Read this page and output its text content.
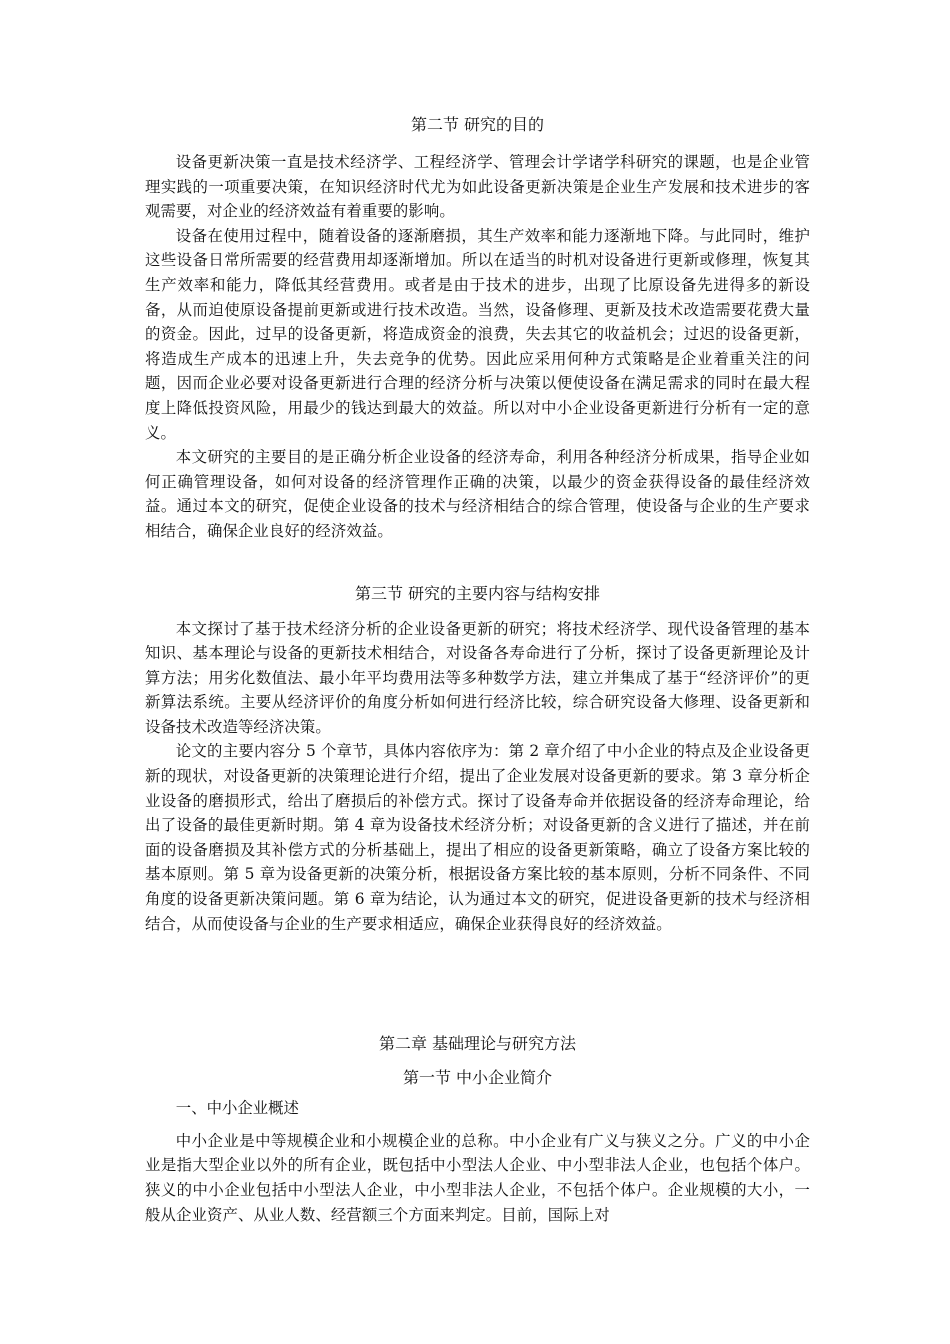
第二节 研究的目的

设备更新决策一直是技术经济学、工程经济学、管理会计学诸学科研究的课题，也是企业管理实践的一项重要决策，在知识经济时代尤为如此设备更新决策是企业生产发展和技术进步的客观需要，对企业的经济效益有着重要的影响。

设备在使用过程中，随着设备的逐渐磨损，其生产效率和能力逐渐地下降。与此同时，维护这些设备日常所需要的经营费用却逐渐增加。所以在适当的时机对设备进行更新或修理，恢复其生产效率和能力，降低其经营费用。或者是由于技术的进步，出现了比原设备先进得多的新设备，从而迫使原设备提前更新或进行技术改造。当然，设备修理、更新及技术改造需要花费大量的资金。因此，过早的设备更新，将造成资金的浪费，失去其它的收益机会；过迟的设备更新，将造成生产成本的迅速上升，失去竞争的优势。因此应采用何种方式策略是企业着重关注的问题，因而企业必要对设备更新进行合理的经济分析与决策以便使设备在满足需求的同时在最大程度上降低投资风险，用最少的钱达到最大的效益。所以对中小企业设备更新进行分析有一定的意义。

本文研究的主要目的是正确分析企业设备的经济寿命，利用各种经济分析成果，指导企业如何正确管理设备，如何对设备的经济管理作正确的决策，以最少的资金获得设备的最佳经济效益。通过本文的研究，促使企业设备的技术与经济相结合的综合管理，使设备与企业的生产要求相结合，确保企业良好的经济效益。

第三节 研究的主要内容与结构安排

本文探讨了基于技术经济分析的企业设备更新的研究；将技术经济学、现代设备管理的基本知识、基本理论与设备的更新技术相结合，对设备各寿命进行了分析，探讨了设备更新理论及计算方法；用劣化数值法、最小年平均费用法等多种数学方法，建立并集成了基于“经济评价”的更新算法系统。主要从经济评价的角度分析如何进行经济比较，综合研究设备大修理、设备更新和设备技术改造等经济决策。

论文的主要内容分 5 个章节，具体内容依序为：第 2 章介绍了中小企业的特点及企业设备更新的现状，对设备更新的决策理论进行介绍，提出了企业发展对设备更新的要求。第 3 章分析企业设备的磨损形式，给出了磨损后的补偿方式。探讨了设备寿命并依据设备的经济寿命理论，给出了设备的最佳更新时期。第 4 章为设备技术经济分析；对设备更新的含义进行了描述，并在前面的设备磨损及其补偿方式的分析基础上，提出了相应的设备更新策略，确立了设备方案比较的基本原则。第 5 章为设备更新的决策分析，根据设备方案比较的基本原则，分析不同条件、不同角度的设备更新决策问题。第 6 章为结论，认为通过本文的研究，促进设备更新的技术与经济相结合，从而使设备与企业的生产要求相适应，确保企业获得良好的经济效益。

第二章 基础理论与研究方法
第一节 中小企业简介
一、中小企业概述

中小企业是中等规模企业和小规模企业的总称。中小企业有广义与狭义之分。广义的中小企业是指大型企业以外的所有企业，既包括中小型法人企业、中小型非法人企业，也包括个体户。狭义的中小企业包括中小型法人企业，中小型非法人企业，不包括个体户。企业规模的大小，一般从企业资产、从业人数、经营额三个方面来判定。目前，国际上对
